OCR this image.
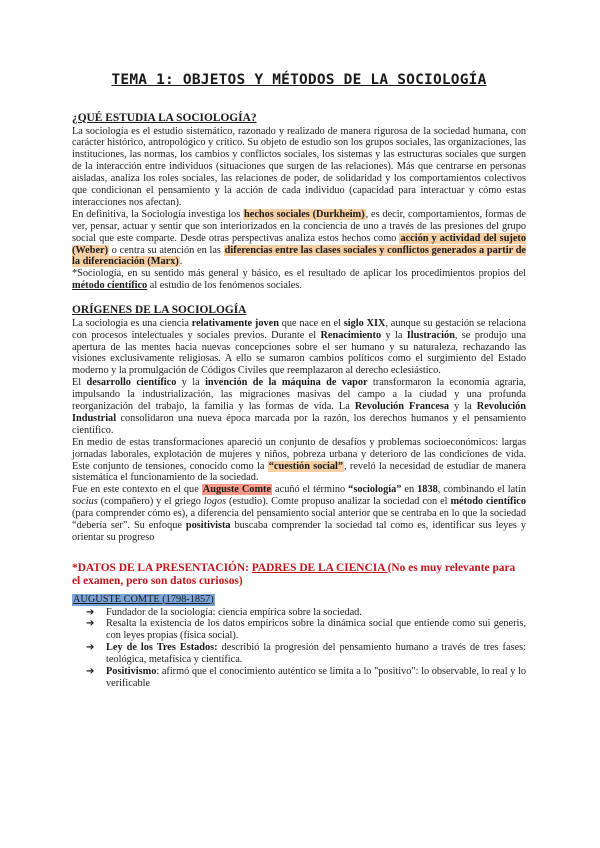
TEMA 1: OBJETOS Y MÉTODOS DE LA SOCIOLOGÍA
¿QUÉ ESTUDIA LA SOCIOLOGÍA?

La sociología es el estudio sistemático, razonado y realizado de manera rigurosa de la sociedad humana, con carácter histórico, antropológico y crítico. Su objeto de estudio son los grupos sociales, las organizaciones, las instituciones, las normas, los cambios y conflictos sociales, los sistemas y las estructuras sociales que surgen de la interacción entre individuos (situaciones que surgen de las relaciones). Más que centrarse en personas aisladas, analiza los roles sociales, las relaciones de poder, de solidaridad y los comportamientos colectivos que condicionan el pensamiento y la acción de cada individuo (capacidad para interactuar y cómo estas interacciones nos afectan).

En definitiva, la Sociología investiga los hechos sociales (Durkheim), es decir, comportamientos, formas de ver, pensar, actuar y sentir que son interiorizados en la conciencia de uno a través de las presiones del grupo social que este comparte. Desde otras perspectivas analiza estos hechos como acción y actividad del sujeto (Weber) o centra su atención en las diferencias entre las clases sociales y conflictos generados a partir de la diferenciación (Marx).

*Sociología, en su sentido más general y básico, es el resultado de aplicar los procedimientos propios del método científico al estudio de los fenómenos sociales.

ORÍGENES DE LA SOCIOLOGÍA

La sociología es una ciencia relativamente joven que nace en el siglo XIX, aunque su gestación se relaciona con procesos intelectuales y sociales previos. Durante el Renacimiento y la Ilustración, se produjo una apertura de las mentes hacia nuevas concepciones sobre el ser humano y su naturaleza, rechazando las visiones exclusivamente religiosas. A ello se sumaron cambios políticos como el surgimiento del Estado moderno y la promulgación de Códigos Civiles que reemplazaron al derecho eclesiástico.

El desarrollo científico y la invención de la máquina de vapor transformaron la economía agraria, impulsando la industrialización, las migraciones masivas del campo a la ciudad y una profunda reorganización del trabajo, la familia y las formas de vida. La Revolución Francesa y la Revolución Industrial consolidaron una nueva época marcada por la razón, los derechos humanos y el pensamiento científico.

En medio de estas transformaciones apareció un conjunto de desafíos y problemas socioeconómicos: largas jornadas laborales, explotación de mujeres y niños, pobreza urbana y deterioro de las condiciones de vida. Este conjunto de tensiones, conocido como la “cuestión social”, reveló la necesidad de estudiar de manera sistemática el funcionamiento de la sociedad.

Fue en este contexto en el que Auguste Comte acuñó el término “sociología” en 1838, combinando el latín socius (compañero) y el griego logos (estudio). Comte propuso analizar la sociedad con el método científico (para comprender cómo es), a diferencia del pensamiento social anterior que se centraba en lo que la sociedad “debería ser”. Su enfoque positivista buscaba comprender la sociedad tal como es, identificar sus leyes y orientar su progreso

*DATOS DE LA PRESENTACIÓN: PADRES DE LA CIENCIA (No es muy relevante para el examen, pero son datos curiosos)

AUGUSTE COMTE (1798-1857)
➔ Fundador de la sociología: ciencia empírica sobre la sociedad.
➔ Resalta la existencia de los datos empíricos sobre la dinámica social que entiende como sui generis, con leyes propias (física social).
➔ Ley de los Tres Estados: describió la progresión del pensamiento humano a través de tres fases: teológica, metafísica y científica.
➔ Positivismo: afirmó que el conocimiento auténtico se limita a lo "positivo": lo observable, lo real y lo verificable
